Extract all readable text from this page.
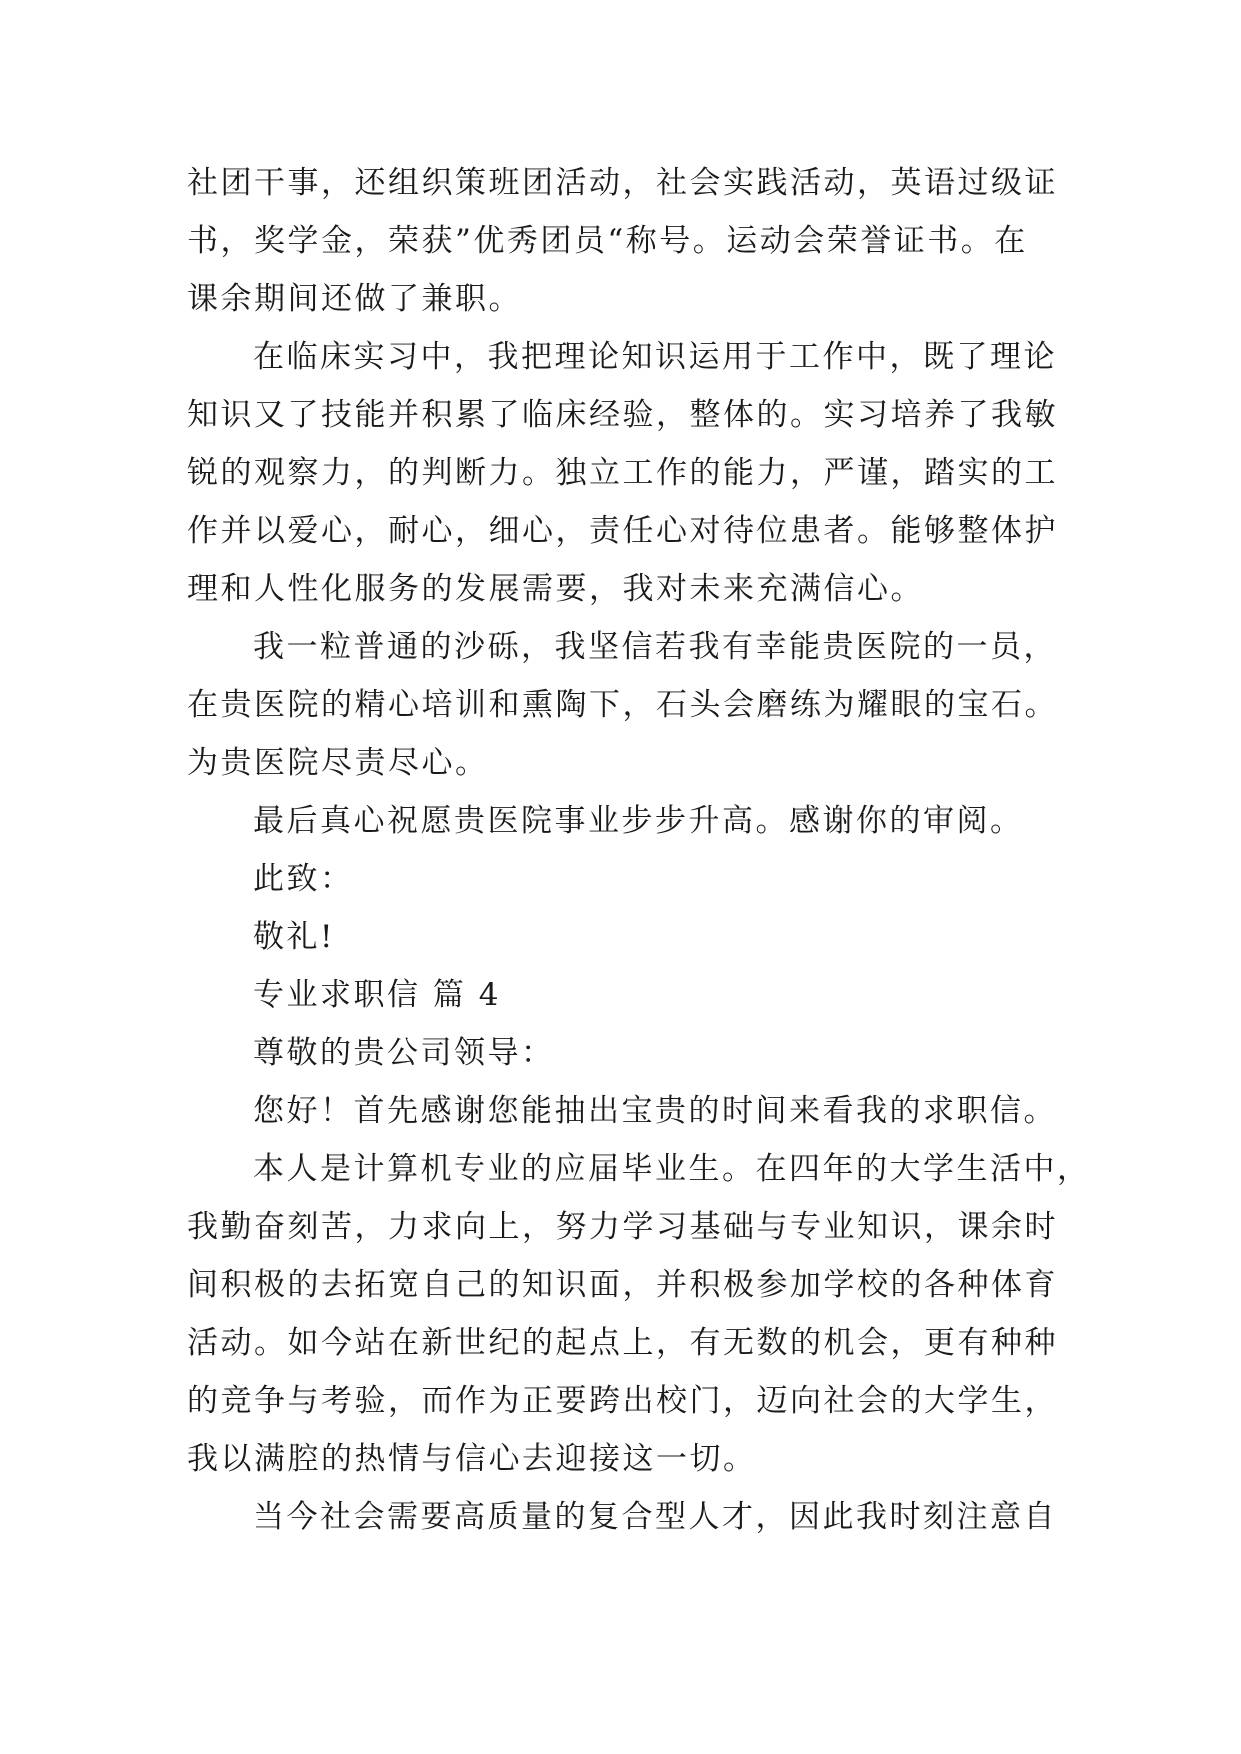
社团干事，还组织策班团活动，社会实践活动，英语过级证
书，奖学金，荣获”优秀团员“称号。运动会荣誉证书。在
课余期间还做了兼职。
在临床实习中，我把理论知识运用于工作中，既了理论
知识又了技能并积累了临床经验，整体的。实习培养了我敏
锐的观察力，的判断力。独立工作的能力，严谨，踏实的工
作并以爱心，耐心，细心，责任心对待位患者。能够整体护
理和人性化服务的发展需要，我对未来充满信心。
我一粒普通的沙砾，我坚信若我有幸能贵医院的一员，
在贵医院的精心培训和熏陶下，石头会磨练为耀眼的宝石。
为贵医院尽责尽心。
最后真心祝愿贵医院事业步步升高。感谢你的审阅。
此致：
敬礼!
专业求职信 篇 4
尊敬的贵公司领导：
您好！首先感谢您能抽出宝贵的时间来看我的求职信。
本人是计算机专业的应届毕业生。在四年的大学生活中，
我勤奋刻苦，力求向上，努力学习基础与专业知识，课余时
间积极的去拓宽自己的知识面，并积极参加学校的各种体育
活动。如今站在新世纪的起点上，有无数的机会，更有种种
的竞争与考验，而作为正要跨出校门，迈向社会的大学生，
我以满腔的热情与信心去迎接这一切。
当今社会需要高质量的复合型人才，因此我时刻注意自
